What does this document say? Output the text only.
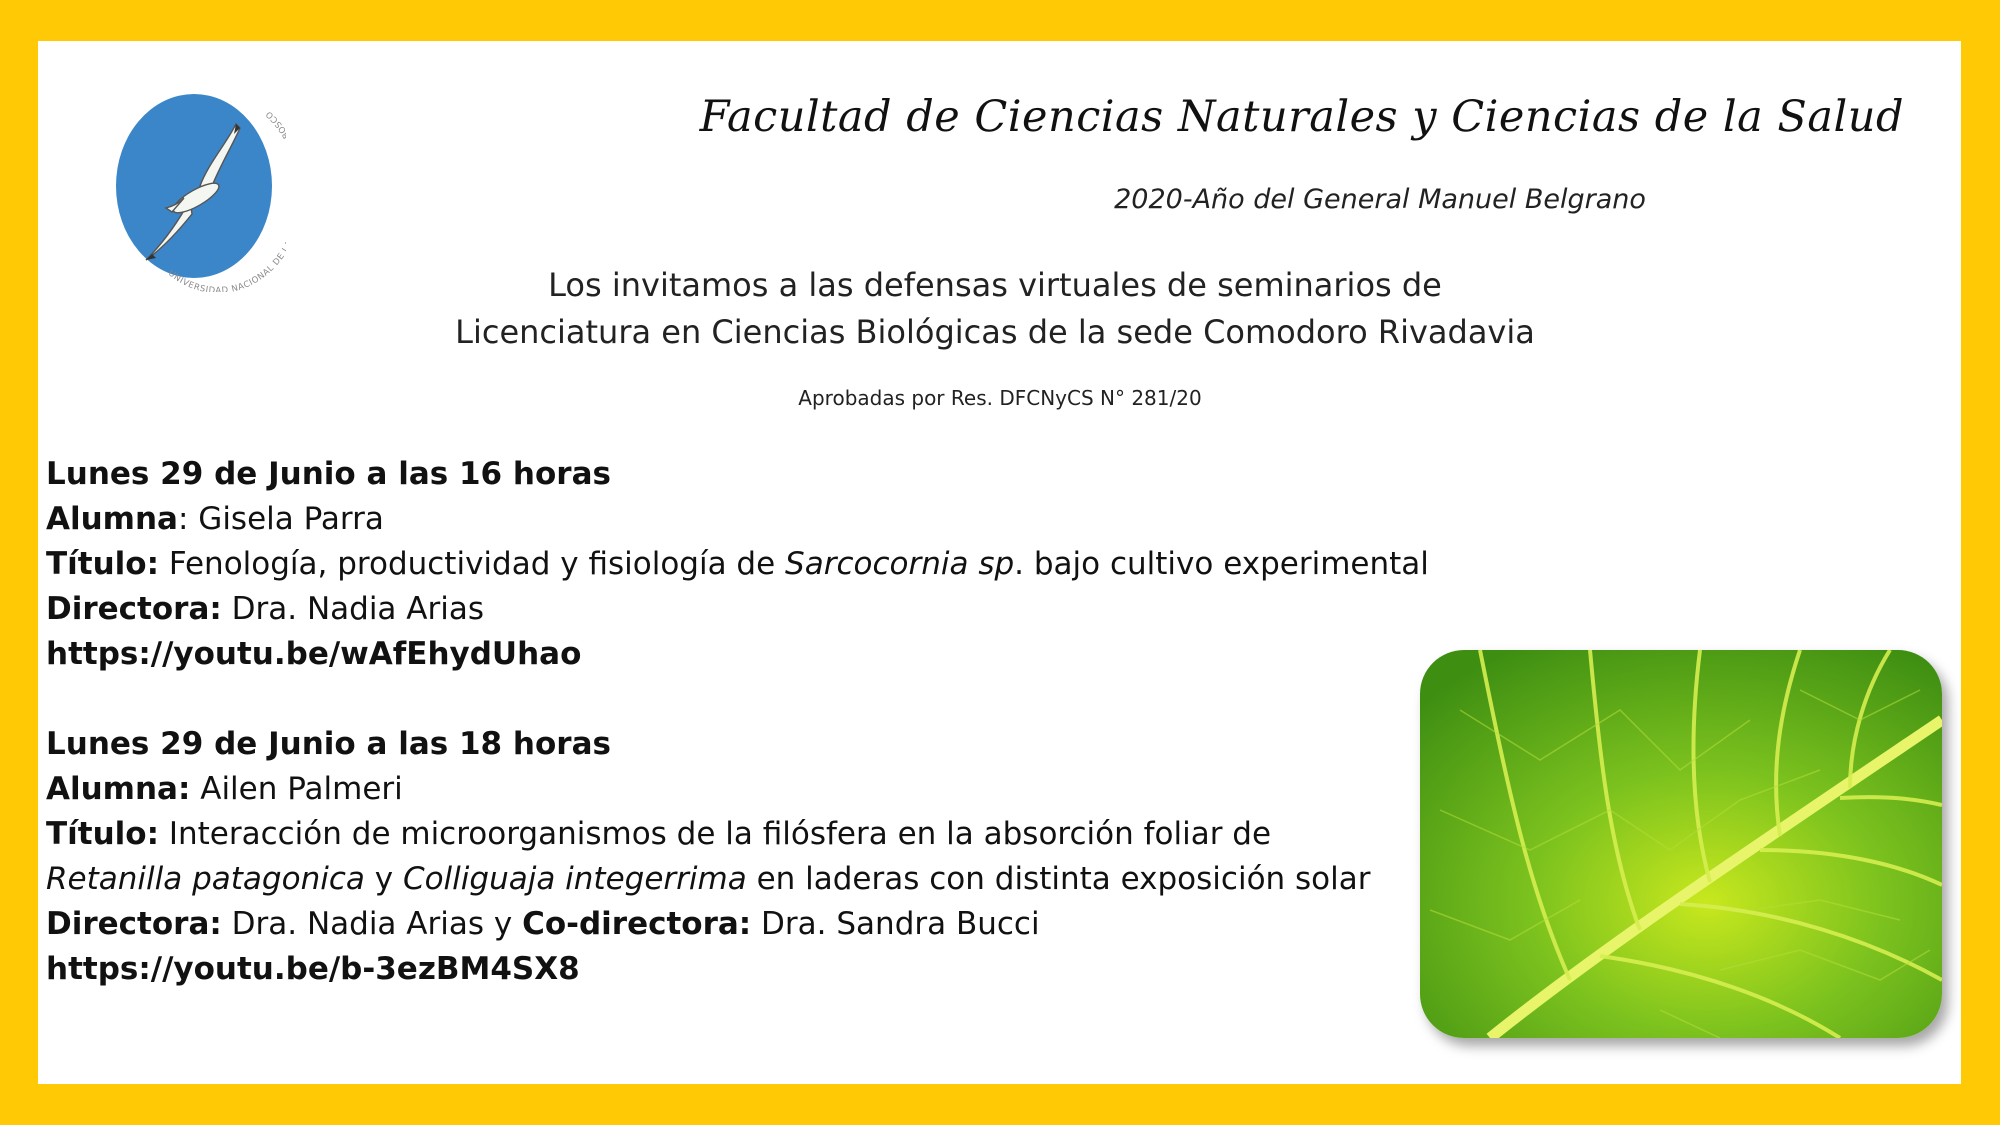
UNIVERSIDAD NACIONAL D SCO	Facultad de Ciencias Naturales y Ciencias de la Salud
2020-Año del General Manuel Belgrano
Los invitamos a las defensas virtuales de seminarios de
Licenciatura en Ciencias Biológicas de la sede Comodoro Rivadavia
Aprobadas por Res. DFCNyCS N° 281/20
Lunes 29 de Junio a las 16 horas
Alumna: Gisela Parra
Título: Fenología, productividad y fisiología de Sarcocornia sp. bajo cultivo experimental
Directora: Dra. Nadia Arias
https://youtu.be/wAfEhydUhao
Lunes 29 de Junio a las 18 horas
Alumna: Ailen Palmeri
Título: Interacción de microorganismos de la filósfera en la absorción foliar de Retanilla patagonica y Colliguaja integerrima en laderas con distinta exposición solar
Directora: Dra. Nadia Arias y Co-directora: Dra. Sandra Bucci
https://youtu.be/b-3ezBM4SX8
